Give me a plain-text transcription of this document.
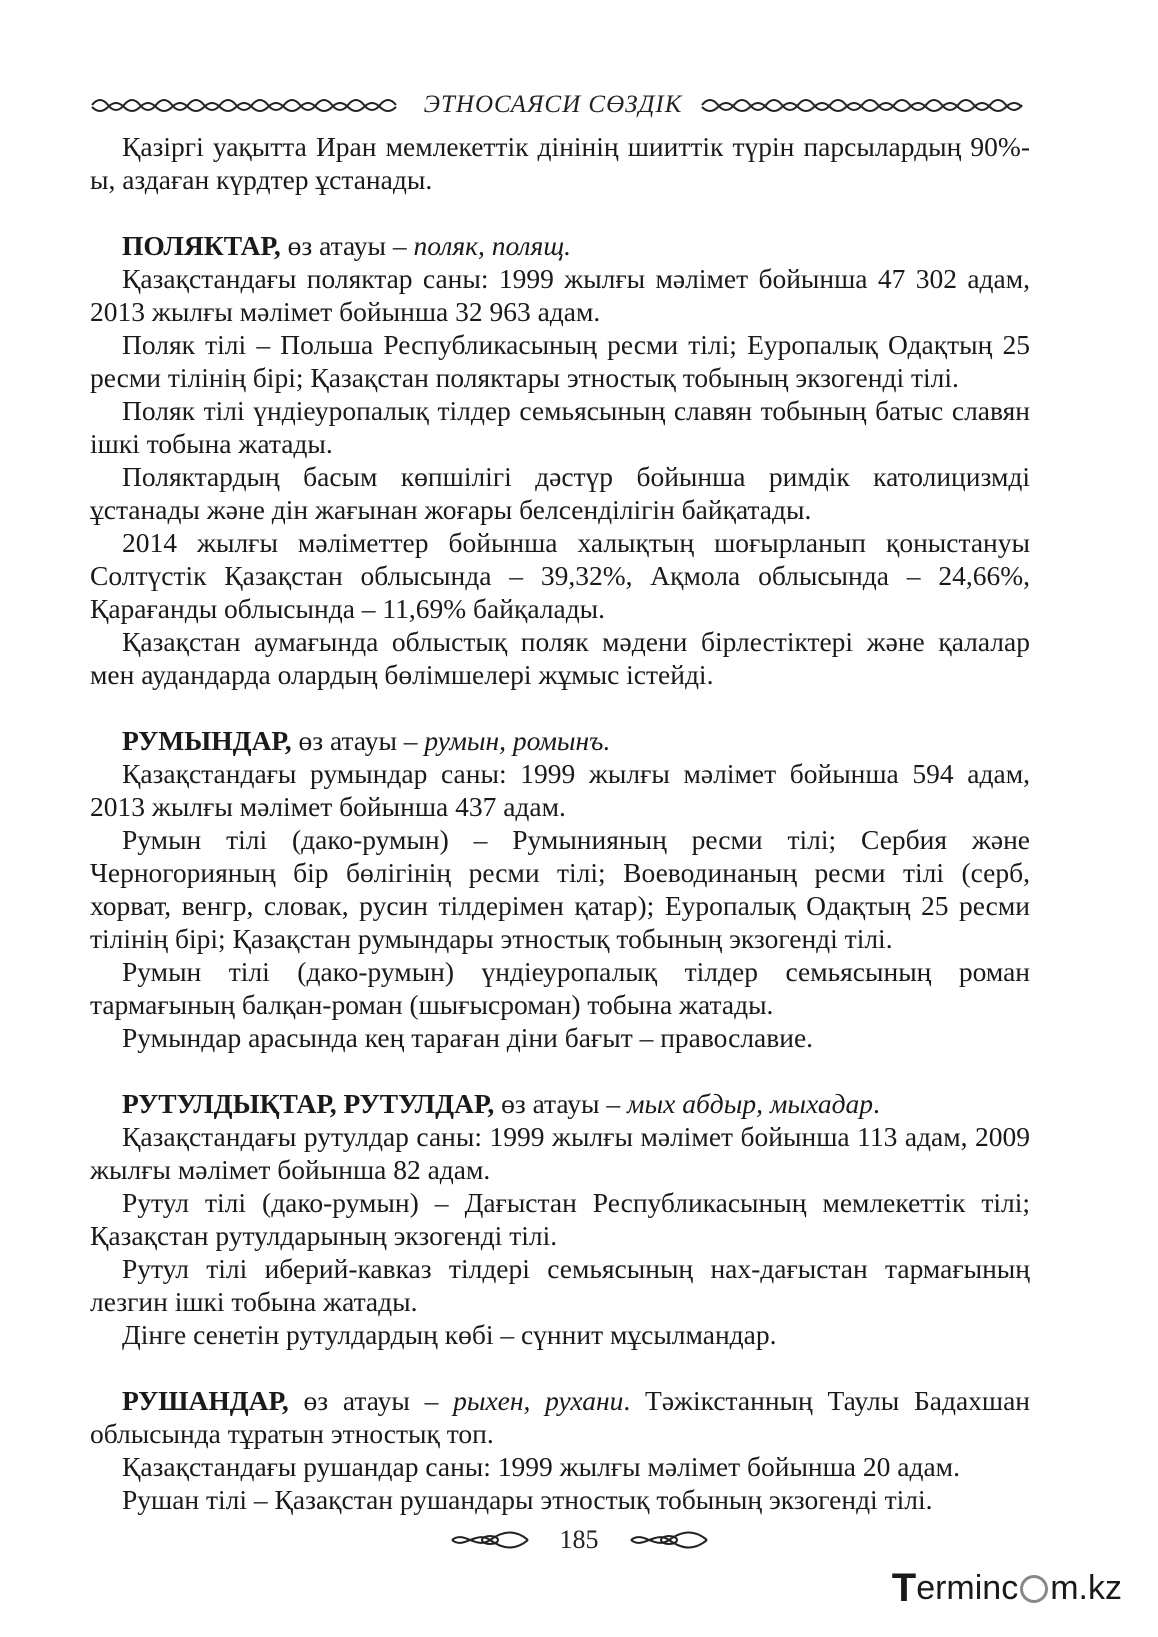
ЭТНОСАЯСИ СӨЗДІК

Қазіргі уақытта Иран мемлекеттік дінінің шииттік түрін парсылардың 90%-ы, аздаған күрдтер ұстанады.

ПОЛЯКТАР, өз атауы – поляк, полящ.

Қазақстандағы поляктар саны: 1999 жылғы мәлімет бойынша 47 302 адам, 2013 жылғы мәлімет бойынша 32 963 адам.

Поляк тілі – Польша Республикасының ресми тілі; Еуропалық Одақтың 25 ресми тілінің бірі; Қазақстан поляктары этностық тобының экзогенді тілі.

Поляк тілі үндіеуропалық тілдер семьясының славян тобының батыс славян ішкі тобына жатады.

Поляктардың басым көпшілігі дәстүр бойынша римдік католицизмді ұстанады және дін жағынан жоғары белсенділігін байқатады.

2014 жылғы мәліметтер бойынша халықтың шоғырланып қоныстануы Солтүстік Қазақстан облысында – 39,32%, Ақмола облысында – 24,66%, Қарағанды облысында – 11,69% байқалады.

Қазақстан аумағында облыстық поляк мәдени бірлестіктері және қалалар мен аудандарда олардың бөлімшелері жұмыс істейді.

РУМЫНДАР, өз атауы – румын, ромынъ.

Қазақстандағы румындар саны: 1999 жылғы мәлімет бойынша 594 адам, 2013 жылғы мәлімет бойынша 437 адам.

Румын тілі (дако-румын) – Румынияның ресми тілі; Сербия және Черногорияның бір бөлігінің ресми тілі; Воеводинаның ресми тілі (серб, хорват, венгр, словак, русин тілдерімен қатар); Еуропалық Одақтың 25 ресми тілінің бірі; Қазақстан румындары этностық тобының экзогенді тілі.

Румын тілі (дако-румын) үндіеуропалық тілдер семьясының роман тармағының балқан-роман (шығысроман) тобына жатады.

Румындар арасында кең тараған діни бағыт – православие.

РУТУЛДЫҚТАР, РУТУЛДАР, өз атауы – мых абдыр, мыхадар.

Қазақстандағы рутулдар саны: 1999 жылғы мәлімет бойынша 113 адам, 2009 жылғы мәлімет бойынша 82 адам.

Рутул тілі (дако-румын) – Дағыстан Республикасының мемлекеттік тілі; Қазақстан рутулдарының экзогенді тілі.

Рутул тілі иберий-кавказ тілдері семьясының нах-дағыстан тармағының лезгин ішкі тобына жатады.

Дінге сенетін рутулдардың көбі – сүннит мұсылмандар.

РУШАНДАР, өз атауы – рыхен, рухани. Тәжікстанның Таулы Бадахшан облысында тұратын этностық топ.

Қазақстандағы рушандар саны: 1999 жылғы мәлімет бойынша 20 адам.

Рушан тілі – Қазақстан рушандары этностық тобының экзогенді тілі.

185
T erminc m.kz
